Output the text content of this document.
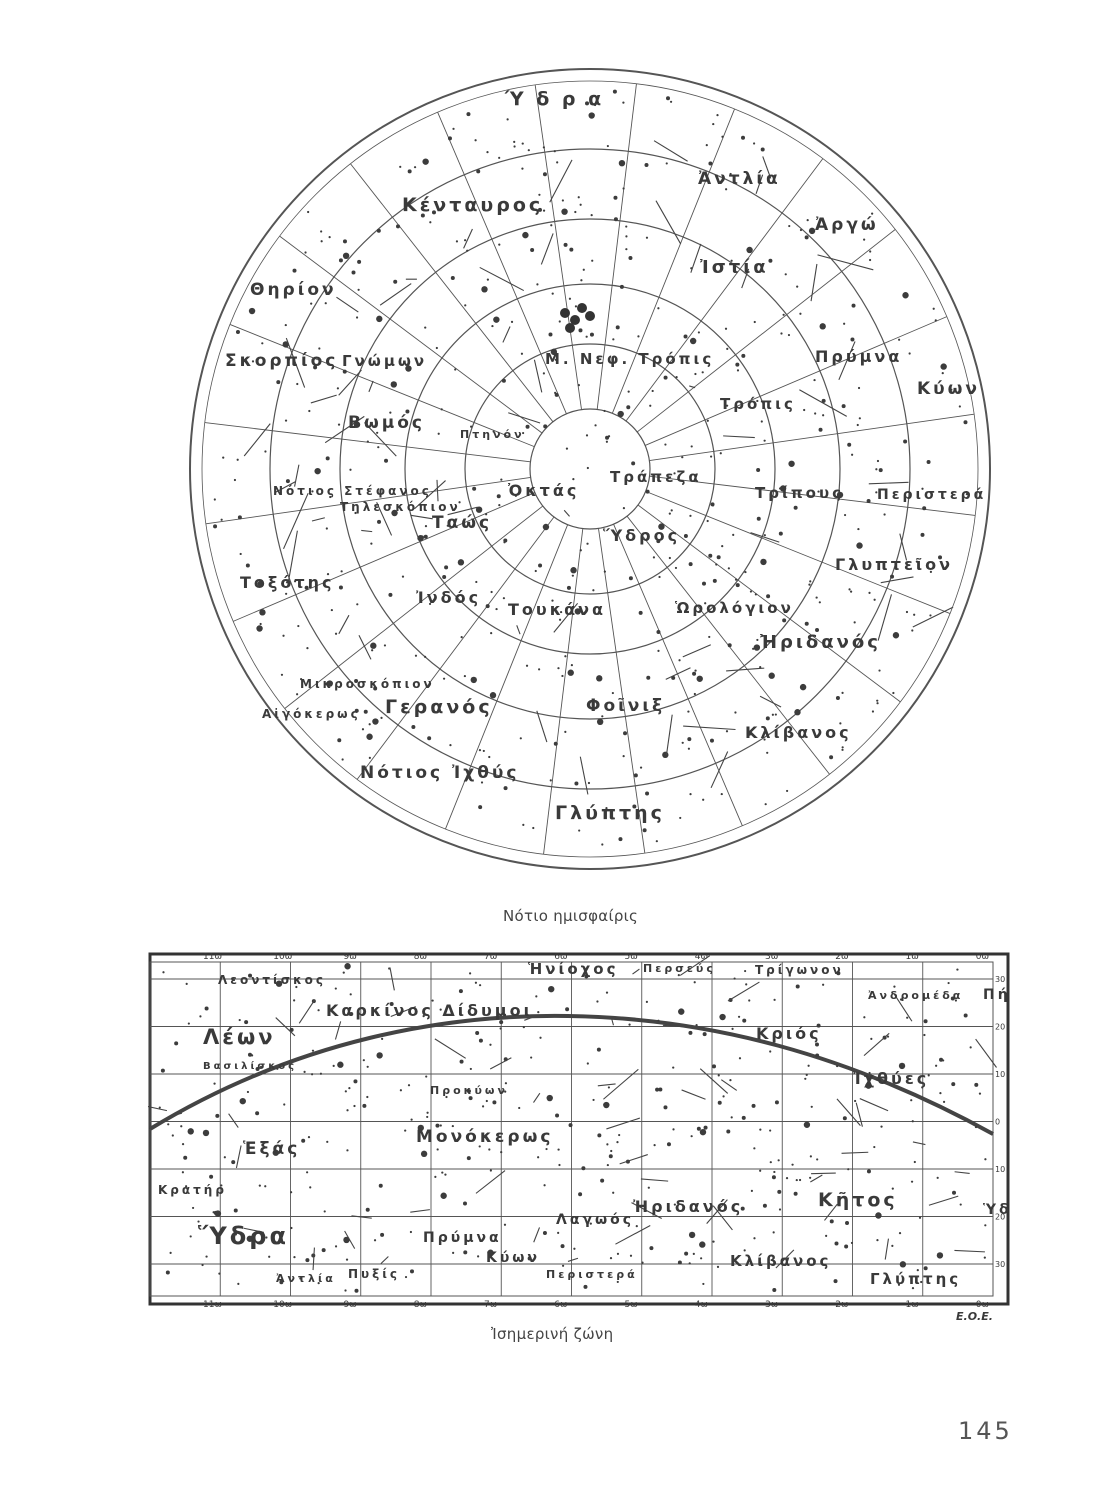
Ύ δ ρ α
Ἀντλία
Κένταυρος
Ἀργώ
Ἰστία
Θηρίον
Σκορπίος Γνώμων	Μ. Νεφ. Τρόπις	Πρύμνα
Κύων
Τρόπις
Βωμός
Πτηνόν
Νότιος Στέφανος
Τηλεσκόπιον
Ὀκτάς
Τράπεζα
Τρίπους Περιστερά
Ταώς
Ὕδρος
Γλυπτεῖον
Τοξότης
Ἰνδός
Τουκάνα	Ὡρολόγιον
Ἠριδανός
Μικροσκόπιον
Αἰγόκερως Γερανός	Φοῖνιξ
Κλίβανος
Νότιος Ἰχθύς
Γλύπτης
Νότιο ημισφαίρις
11ω
11ω
10ω
10ω
9ω
9ω
8ω
8ω
7ω
7ω
6ω
6ω
5ω
5ω
4ω
4ω
3ω
3ω
2ω
2ω
1ω
1ω
0ω
0ω
30
20
10
0
10
20
30
Ἡνίοχος Περσεύς	Τρίγωνον
Λεοντίσκος
Ἀνδρομέδα
Καρκίνος Δίδυμοι
Κριός
Λέων
Βασιλίσκος
Ἰχθύες
Προκύων
Πή
Μονόκερως
Ἑξάς
Ὑδ
Κῆτος
Κρατήρ
Ὕδρα
Ἠριδανός
Λαγωός
Πρύμνα
Κύων
Πυξίς
Ἀντλία	Περιστερά
Κλίβανος
Γλύπτης
Ε.Ο.Ε.
Ἰσημερινή ζώνη
145
